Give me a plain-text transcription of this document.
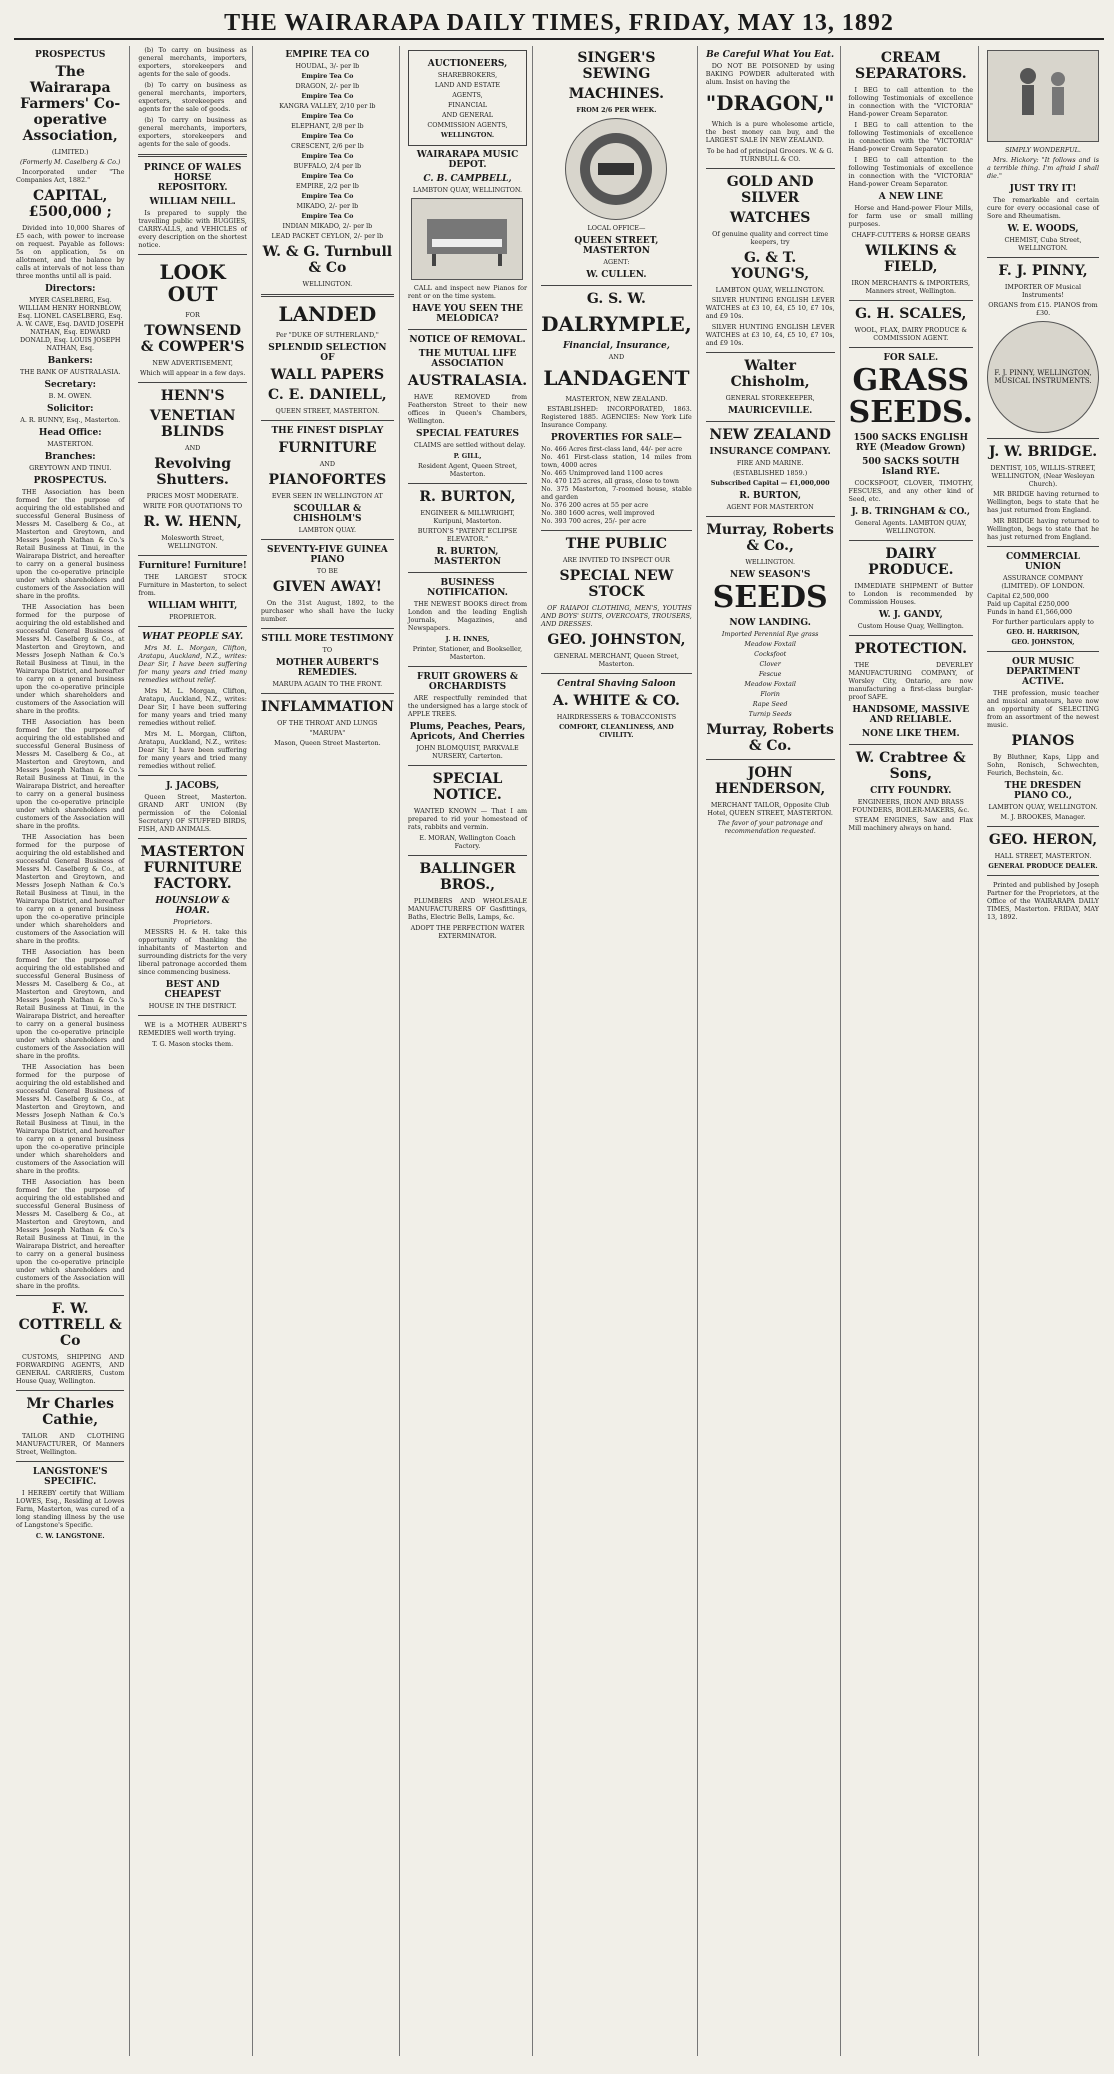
THE WAIRARAPA DAILY TIMES, FRIDAY, MAY 13, 1892
PROSPECTUS
The Wairarapa Farmers' Co-operative Association,
(LIMITED.)
(Formerly M. Caselberg & Co.)

Incorporated under "The Companies Act, 1882."

CAPITAL, £500,000 ;

Divided into 10,000 Shares of £5 each, with power to increase on request. Payable as follows: 5s on application, 5s on allotment, and the balance by calls at intervals of not less than three months until all is paid.

Directors:
MYER CASELBERG, Esq. WILLIAM HENRY HORNBLOW, Esq. LIONEL CASELBERG, Esq. A. W. CAVE, Esq. DAVID JOSEPH NATHAN, Esq. EDWARD DONALD, Esq. LOUIS JOSEPH NATHAN, Esq.
Bankers:
THE BANK OF AUSTRALASIA.
Secretary:
B. M. OWEN.
Solicitor:
A. R. BUNNY, Esq., Masterton.
Head Office:
MASTERTON.
Branches:
GREYTOWN AND TINUI.
PROSPECTUS.

THE Association has been formed for the purpose of acquiring the old established and successful General Business of Messrs M. Caselberg & Co., at Masterton and Greytown, and Messrs Joseph Nathan & Co.'s Retail Business at Tinui, in the Wairarapa District, and hereafter to carry on a general business upon the co-operative principle under which shareholders and customers of the Association will share in the profits.

THE Association has been formed for the purpose of acquiring the old established and successful General Business of Messrs M. Caselberg & Co., at Masterton and Greytown, and Messrs Joseph Nathan & Co.'s Retail Business at Tinui, in the Wairarapa District, and hereafter to carry on a general business upon the co-operative principle under which shareholders and customers of the Association will share in the profits.

THE Association has been formed for the purpose of acquiring the old established and successful General Business of Messrs M. Caselberg & Co., at Masterton and Greytown, and Messrs Joseph Nathan & Co.'s Retail Business at Tinui, in the Wairarapa District, and hereafter to carry on a general business upon the co-operative principle under which shareholders and customers of the Association will share in the profits.

THE Association has been formed for the purpose of acquiring the old established and successful General Business of Messrs M. Caselberg & Co., at Masterton and Greytown, and Messrs Joseph Nathan & Co.'s Retail Business at Tinui, in the Wairarapa District, and hereafter to carry on a general business upon the co-operative principle under which shareholders and customers of the Association will share in the profits.

THE Association has been formed for the purpose of acquiring the old established and successful General Business of Messrs M. Caselberg & Co., at Masterton and Greytown, and Messrs Joseph Nathan & Co.'s Retail Business at Tinui, in the Wairarapa District, and hereafter to carry on a general business upon the co-operative principle under which shareholders and customers of the Association will share in the profits.

THE Association has been formed for the purpose of acquiring the old established and successful General Business of Messrs M. Caselberg & Co., at Masterton and Greytown, and Messrs Joseph Nathan & Co.'s Retail Business at Tinui, in the Wairarapa District, and hereafter to carry on a general business upon the co-operative principle under which shareholders and customers of the Association will share in the profits.

THE Association has been formed for the purpose of acquiring the old established and successful General Business of Messrs M. Caselberg & Co., at Masterton and Greytown, and Messrs Joseph Nathan & Co.'s Retail Business at Tinui, in the Wairarapa District, and hereafter to carry on a general business upon the co-operative principle under which shareholders and customers of the Association will share in the profits.

F. W. COTTRELL & Co

CUSTOMS, SHIPPING AND FORWARDING AGENTS, AND GENERAL CARRIERS, Custom House Quay, Wellington.

Mr Charles Cathie,

TAILOR AND CLOTHING MANUFACTURER, Of Manners Street, Wellington.

LANGSTONE'S SPECIFIC.

I HEREBY certify that William LOWES, Esq., Residing at Lowes Farm, Masterton, was cured of a long standing illness by the use of Langstone's Specific.

C. W. LANGSTONE.

(b) To carry on business as general merchants, importers, exporters, storekeepers and agents for the sale of goods.

(b) To carry on business as general merchants, importers, exporters, storekeepers and agents for the sale of goods.

(b) To carry on business as general merchants, importers, exporters, storekeepers and agents for the sale of goods.

PRINCE OF WALES HORSE REPOSITORY.
WILLIAM NEILL.

Is prepared to supply the travelling public with BUGGIES, CARRY-ALLS, and VEHICLES of every description on the shortest notice.

LOOK OUT
FOR
TOWNSEND & COWPER'S
NEW ADVERTISEMENT,
Which will appear in a few days.
HENN'S
VENETIAN BLINDS
AND
Revolving Shutters.
PRICES MOST MODERATE.
WRITE FOR QUOTATIONS TO
R. W. HENN,
Molesworth Street, WELLINGTON.
Furniture! Furniture!

THE LARGEST STOCK Furniture in Masterton, to select from.

WILLIAM WHITT,
PROPRIETOR.
WHAT PEOPLE SAY.

Mrs M. L. Morgan, Clifton, Aratapu, Auckland, N.Z., writes: Dear Sir, I have been suffering for many years and tried many remedies without relief.

Mrs M. L. Morgan, Clifton, Aratapu, Auckland, N.Z., writes: Dear Sir, I have been suffering for many years and tried many remedies without relief.

Mrs M. L. Morgan, Clifton, Aratapu, Auckland, N.Z., writes: Dear Sir, I have been suffering for many years and tried many remedies without relief.

J. JACOBS,

Queen Street, Masterton. GRAND ART UNION (By permission of the Colonial Secretary) OF STUFFED BIRDS, FISH, AND ANIMALS.

MASTERTON FURNITURE FACTORY.
HOUNSLOW & HOAR.
Proprietors.

MESSRS H. & H. take this opportunity of thanking the inhabitants of Masterton and surrounding districts for the very liberal patronage accorded them since commencing business.

BEST AND CHEAPEST
HOUSE IN THE DISTRICT.

WE is a MOTHER AUBERT'S REMEDIES well worth trying.

T. G. Mason stocks them.
EMPIRE TEA CO
HOUDAL, 3/- per lb
Empire Tea Co
DRAGON, 2/- per lb
Empire Tea Co
KANGRA VALLEY, 2/10 per lb
Empire Tea Co
ELEPHANT, 2/8 per lb
Empire Tea Co
CRESCENT, 2/6 per lb
Empire Tea Co
BUFFALO, 2/4 per lb
Empire Tea Co
EMPIRE, 2/2 per lb
Empire Tea Co
MIKADO, 2/- per lb
Empire Tea Co
INDIAN MIKADO, 2/- per lb
LEAD PACKET CEYLON, 2/- per lb
W. & G. Turnbull & Co
WELLINGTON.
LANDED
Per "DUKE OF SUTHERLAND,"
SPLENDID SELECTION OF
WALL PAPERS
C. E. DANIELL,
QUEEN STREET, MASTERTON.
THE FINEST DISPLAY
FURNITURE
AND
PIANOFORTES
EVER SEEN IN WELLINGTON AT
SCOULLAR & CHISHOLM'S
LAMBTON QUAY.
SEVENTY-FIVE GUINEA PIANO
TO BE
GIVEN AWAY!

On the 31st August, 1892, to the purchaser who shall have the lucky number.

STILL MORE TESTIMONY
TO
MOTHER AUBERT'S REMEDIES.
MARUPA AGAIN TO THE FRONT.
INFLAMMATION
OF THE THROAT AND LUNGS
"MARUPA"
Mason, Queen Street Masterton.
AUCTIONEERS,
SHAREBROKERS,
LAND AND ESTATE
AGENTS,
FINANCIAL
AND GENERAL
COMMISSION AGENTS,
WELLINGTON.
WAIRARAPA MUSIC DEPOT.
C. B. CAMPBELL,
LAMBTON QUAY, WELLINGTON.

CALL and inspect new Pianos for rent or on the time system.

HAVE YOU SEEN THE MELODICA?
NOTICE OF REMOVAL.
THE MUTUAL LIFE ASSOCIATION
AUSTRALASIA.

HAVE REMOVED from Featherston Street to their new offices in Queen's Chambers, Wellington.

SPECIAL FEATURES

CLAIMS are settled without delay.

P. GILL,
Resident Agent, Queen Street, Masterton.
R. BURTON,
ENGINEER & MILLWRIGHT, Kuripuni, Masterton.
BURTON'S "PATENT ECLIPSE ELEVATOR."
R. BURTON, MASTERTON
BUSINESS NOTIFICATION.

THE NEWEST BOOKS direct from London and the leading English Journals, Magazines, and Newspapers.

J. H. INNES,
Printer, Stationer, and Bookseller, Masterton.
FRUIT GROWERS & ORCHARDISTS

ARE respectfully reminded that the undersigned has a large stock of APPLE TREES.

Plums, Peaches, Pears, Apricots, And Cherries
JOHN BLOMQUIST, PARKVALE NURSERY, Carterton.
SPECIAL NOTICE.

WANTED KNOWN — That I am prepared to rid your homestead of rats, rabbits and vermin.

E. MORAN, Wellington Coach Factory.
BALLINGER BROS.,

PLUMBERS AND WHOLESALE MANUFACTURERS OF Gasfittings, Baths, Electric Bells, Lamps, &c.

ADOPT THE PERFECTION WATER EXTERMINATOR.
SINGER'S SEWING
MACHINES.
FROM 2/6 PER WEEK.
LOCAL OFFICE—
QUEEN STREET, MASTERTON
AGENT:
W. CULLEN.
G. S. W.
DALRYMPLE,
Financial, Insurance,
AND
LANDAGENT
MASTERTON, NEW ZEALAND.

ESTABLISHED: INCORPORATED, 1863. Registered 1885. AGENCIES: New York Life Insurance Company.

PROVERTIES FOR SALE—
No. 466 Acres first-class land, 44/- per acre
No. 461 First-class station, 14 miles from town, 4000 acres
No. 465 Unimproved land 1100 acres
No. 470 125 acres, all grass, close to town
No. 375 Masterton, 7-roomed house, stable and garden
No. 376 200 acres at 55 per acre
No. 380 1600 acres, well improved
No. 393 700 acres, 25/- per acre
THE PUBLIC
ARE INVITED TO INSPECT OUR
SPECIAL NEW STOCK

OF RAIAPOI CLOTHING, MEN'S, YOUTHS AND BOYS' SUITS, OVERCOATS, TROUSERS, AND DRESSES.

GEO. JOHNSTON,
GENERAL MERCHANT, Queen Street, Masterton.
Central Shaving Saloon
A. WHITE & CO.
HAIRDRESSERS & TOBACCONISTS
COMFORT, CLEANLINESS, AND CIVILITY.
Be Careful What You Eat.

DO NOT BE POISONED by using BAKING POWDER adulterated with alum. Insist on having the

"DRAGON,"

Which is a pure wholesome article, the best money can buy, and the LARGEST SALE IN NEW ZEALAND.

To be had of principal Grocers. W. & G. TURNBULL & CO.
GOLD AND SILVER
WATCHES
Of genuine quality and correct time keepers, try
G. & T. YOUNG'S,
LAMBTON QUAY, WELLINGTON.

SILVER HUNTING ENGLISH LEVER WATCHES at £3 10, £4, £5 10, £7 10s, and £9 10s.

SILVER HUNTING ENGLISH LEVER WATCHES at £3 10, £4, £5 10, £7 10s, and £9 10s.

Walter Chisholm,
GENERAL STOREKEEPER,
MAURICEVILLE.
NEW ZEALAND
INSURANCE COMPANY.
FIRE AND MARINE.
(ESTABLISHED 1859.)
Subscribed Capital — £1,000,000
R. BURTON,
AGENT FOR MASTERTON
Murray, Roberts & Co.,
WELLINGTON.
NEW SEASON'S
SEEDS
NOW LANDING.
Imported Perennial Rye grass
Meadow Foxtail
Cocksfoot
Clover
Fescue
Meadow Foxtail
Florin
Rape Seed
Turnip Seeds
Murray, Roberts & Co.
JOHN HENDERSON,
MERCHANT TAILOR, Opposite Club Hotel, QUEEN STREET, MASTERTON.
The favor of your patronage and recommendation requested.
CREAM SEPARATORS.

I BEG to call attention to the following Testimonials of excellence in connection with the "VICTORIA" Hand-power Cream Separator.

I BEG to call attention to the following Testimonials of excellence in connection with the "VICTORIA" Hand-power Cream Separator.

I BEG to call attention to the following Testimonials of excellence in connection with the "VICTORIA" Hand-power Cream Separator.

A NEW LINE

Horse and Hand-power Flour Mills, for farm use or small milling purposes.

CHAFF-CUTTERS & HORSE GEARS
WILKINS & FIELD,
IRON MERCHANTS & IMPORTERS, Manners street, Wellington.
G. H. SCALES,
WOOL, FLAX, DAIRY PRODUCE & COMMISSION AGENT.
FOR SALE.
GRASS SEEDS.
1500 SACKS ENGLISH RYE (Meadow Grown)
500 SACKS SOUTH Island RYE.

COCKSFOOT, CLOVER, TIMOTHY, FESCUES, and any other kind of Seed, etc.

J. B. TRINGHAM & CO.,
General Agents. LAMBTON QUAY, WELLINGTON.
DAIRY PRODUCE.

IMMEDIATE SHIPMENT of Butter to London is recommended by Commission Houses.

W. J. GANDY,
Custom House Quay, Wellington.
PROTECTION.

THE DEVERLEY MANUFACTURING COMPANY, of Worsley City, Ontario, are now manufacturing a first-class burglar-proof SAFE.

HANDSOME, MASSIVE AND RELIABLE.
NONE LIKE THEM.
W. Crabtree & Sons,
CITY FOUNDRY.
ENGINEERS, IRON AND BRASS FOUNDERS, BOILER-MAKERS, &c.

STEAM ENGINES, Saw and Flax Mill machinery always on hand.

SIMPLY WONDERFUL.

Mrs. Hickory: "It follows and is a terrible thing. I'm afraid I shall die."

JUST TRY IT!

The remarkable and certain cure for every occasional case of Sore and Rheumatism.

W. E. WOODS,
CHEMIST, Cuba Street, WELLINGTON.
F. J. PINNY,
IMPORTER OF Musical Instruments!
ORGANS from £15. PIANOS from £30.
F. J. PINNY, WELLINGTON, MUSICAL INSTRUMENTS.
J. W. BRIDGE.
DENTIST, 105, WILLIS-STREET, WELLINGTON, (Near Wesleyan Church).

MR BRIDGE having returned to Wellington, begs to state that he has just returned from England.

MR BRIDGE having returned to Wellington, begs to state that he has just returned from England.

COMMERCIAL UNION
ASSURANCE COMPANY (LIMITED). OF LONDON.
Capital £2,500,000
Paid up Capital £250,000
Funds in hand £1,566,000
For further particulars apply to
GEO. H. HARRISON,
GEO. JOHNSTON,
OUR MUSIC DEPARTMENT ACTIVE.

THE profession, music teacher and musical amateurs, have now an opportunity of SELECTING from an assortment of the newest music.

PIANOS

By Bluthner, Kaps, Lipp and Sohn, Ronisch, Schwechten, Feurich, Bechstein, &c.

THE DRESDEN PIANO CO.,
LAMBTON QUAY, WELLINGTON.
M. J. BROOKES, Manager.
GEO. HERON,
HALL STREET, MASTERTON.
GENERAL PRODUCE DEALER.

Printed and published by Joseph Partner for the Proprietors, at the Office of the WAIRARAPA DAILY TIMES, Masterton. FRIDAY, MAY 13, 1892.
